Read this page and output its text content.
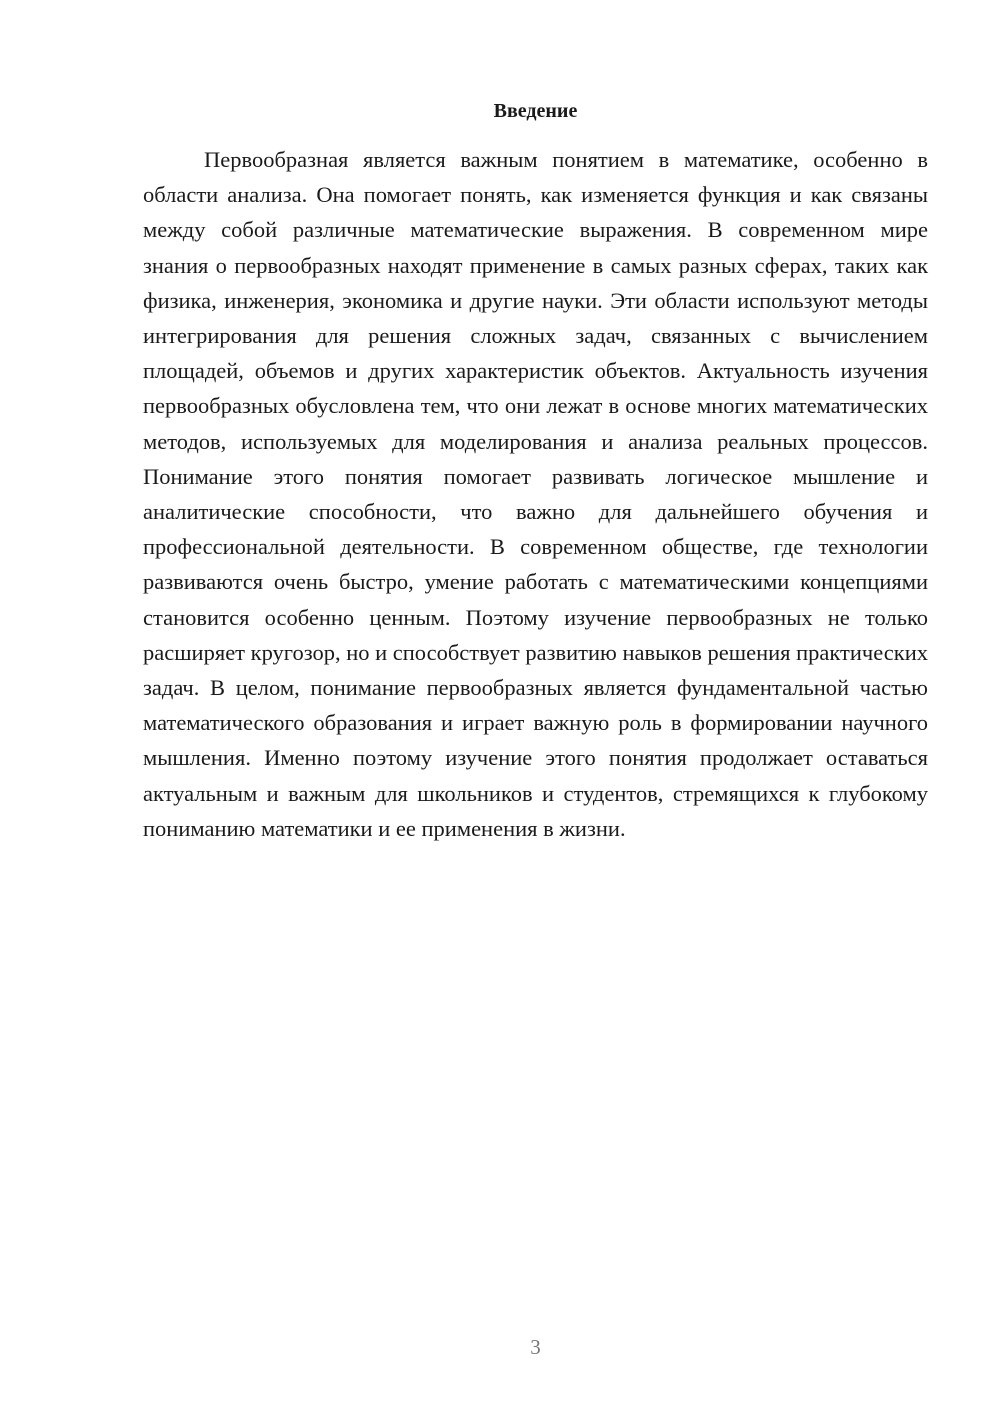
Введение

Первообразная является важным понятием в математике, особенно в области анализа. Она помогает понять, как изменяется функция и как связаны между собой различные математические выражения. В современном мире знания о первообразных находят применение в самых разных сферах, таких как физика, инженерия, экономика и другие науки. Эти области используют методы интегрирования для решения сложных задач, связанных с вычислением площадей, объемов и других характеристик объектов. Актуальность изучения первообразных обусловлена тем, что они лежат в основе многих математических методов, используемых для моделирования и анализа реальных процессов. Понимание этого понятия помогает развивать логическое мышление и аналитические способности, что важно для дальнейшего обучения и профессиональной деятельности. В современном обществе, где технологии развиваются очень быстро, умение работать с математическими концепциями становится особенно ценным. Поэтому изучение первообразных не только расширяет кругозор, но и способствует развитию навыков решения практических задач. В целом, понимание первообразных является фундаментальной частью математического образования и играет важную роль в формировании научного мышления. Именно поэтому изучение этого понятия продолжает оставаться актуальным и важным для школьников и студентов, стремящихся к глубокому пониманию математики и ее применения в жизни.

3
